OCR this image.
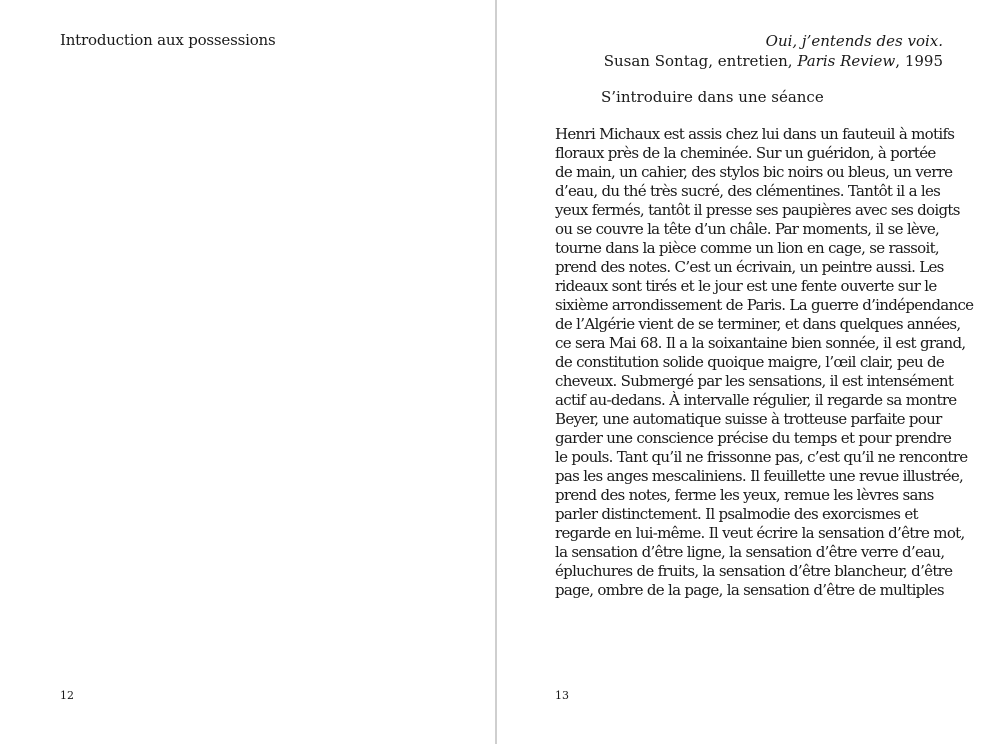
Introduction aux possessions
12
Oui, j’entends des voix.
Susan Sontag, entretien, Paris Review, 1995
S’introduire dans une séance
Henri Michaux est assis chez lui dans un fauteuil à motifs
floraux près de la cheminée. Sur un guéridon, à portée
de main, un cahier, des stylos bic noirs ou bleus, un verre
d’eau, du thé très sucré, des clémentines. Tantôt il a les
yeux fermés, tantôt il presse ses paupières avec ses doigts
ou se couvre la tête d’un châle. Par moments, il se lève,
tourne dans la pièce comme un lion en cage, se rassoit,
prend des notes. C’est un écrivain, un peintre aussi. Les
rideaux sont tirés et le jour est une fente ouverte sur le
sixième arrondissement de Paris. La guerre d’indépendance
de l’Algérie vient de se terminer, et dans quelques années,
ce sera Mai 68. Il a la soixantaine bien sonnée, il est grand,
de constitution solide quoique maigre, l’œil clair, peu de
cheveux. Submergé par les sensations, il est intensément
actif au-dedans. À intervalle régulier, il regarde sa montre
Beyer, une automatique suisse à trotteuse parfaite pour
garder une conscience précise du temps et pour prendre
le pouls. Tant qu’il ne frissonne pas, c’est qu’il ne rencontre
pas les anges mescaliniens. Il feuillette une revue illustrée,
prend des notes, ferme les yeux, remue les lèvres sans
parler distinctement. Il psalmodie des exorcismes et
regarde en lui-même. Il veut écrire la sensation d’être mot,
la sensation d’être ligne, la sensation d’être verre d’eau,
épluchures de fruits, la sensation d’être blancheur, d’être
page, ombre de la page, la sensation d’être de multiples
13
